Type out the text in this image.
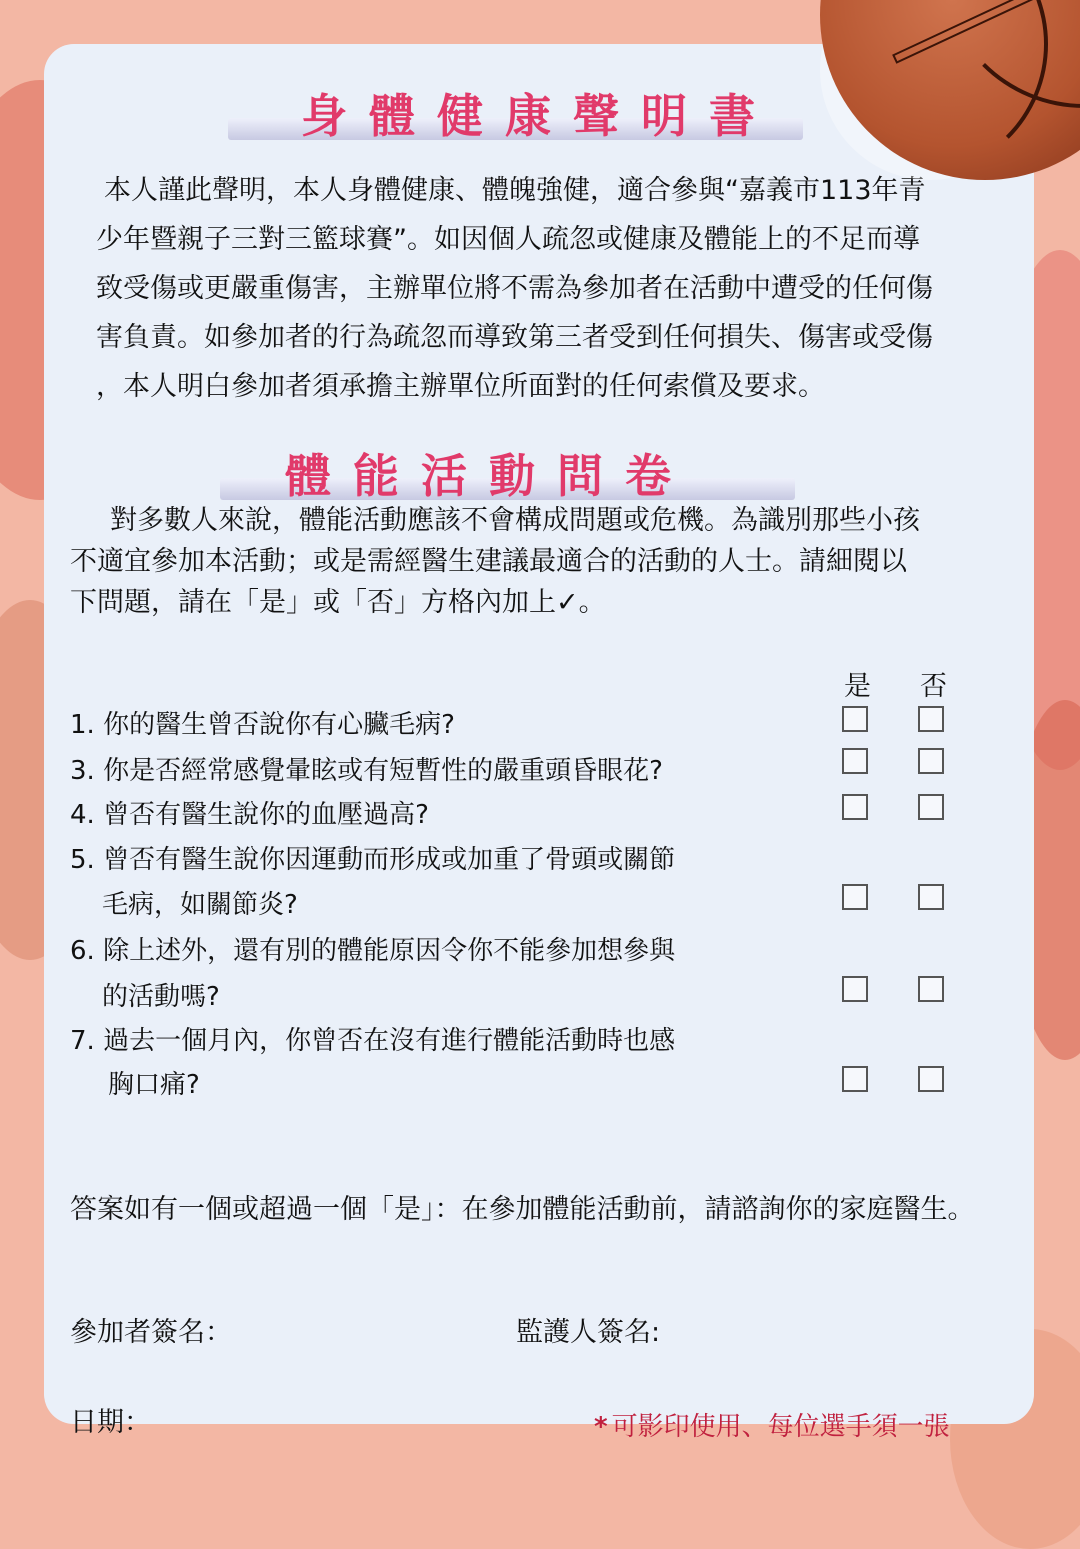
身體健康聲明書
本人謹此聲明，本人身體健康、體魄強健，適合參與“嘉義市113年青
少年暨親子三對三籃球賽”。如因個人疏忽或健康及體能上的不足而導
致受傷或更嚴重傷害，主辦單位將不需為參加者在活動中遭受的任何傷
害負責。如參加者的行為疏忽而導致第三者受到任何損失、傷害或受傷
，本人明白參加者須承擔主辦單位所面對的任何索償及要求。
體能活動問卷
對多數人來說，體能活動應該不會構成問題或危機。為識別那些小孩
不適宜參加本活動；或是需經醫生建議最適合的活動的人士。請細閱以
下問題，請在「是」或「否」方格內加上✓。
是 否
1. 你的醫生曾否說你有心臟毛病?
3. 你是否經常感覺暈眩或有短暫性的嚴重頭昏眼花?
4. 曾否有醫生說你的血壓過高?
5. 曾否有醫生說你因運動而形成或加重了骨頭或關節
毛病，如關節炎?
6. 除上述外，還有別的體能原因令你不能參加想參與
的活動嗎?
7. 過去一個月內，你曾否在沒有進行體能活動時也感
胸口痛?
答案如有一個或超過一個「是」：在參加體能活動前，請諮詢你的家庭醫生。
參加者簽名：	監護人簽名:
日期：	* 可影印使用、每位選手須一張
